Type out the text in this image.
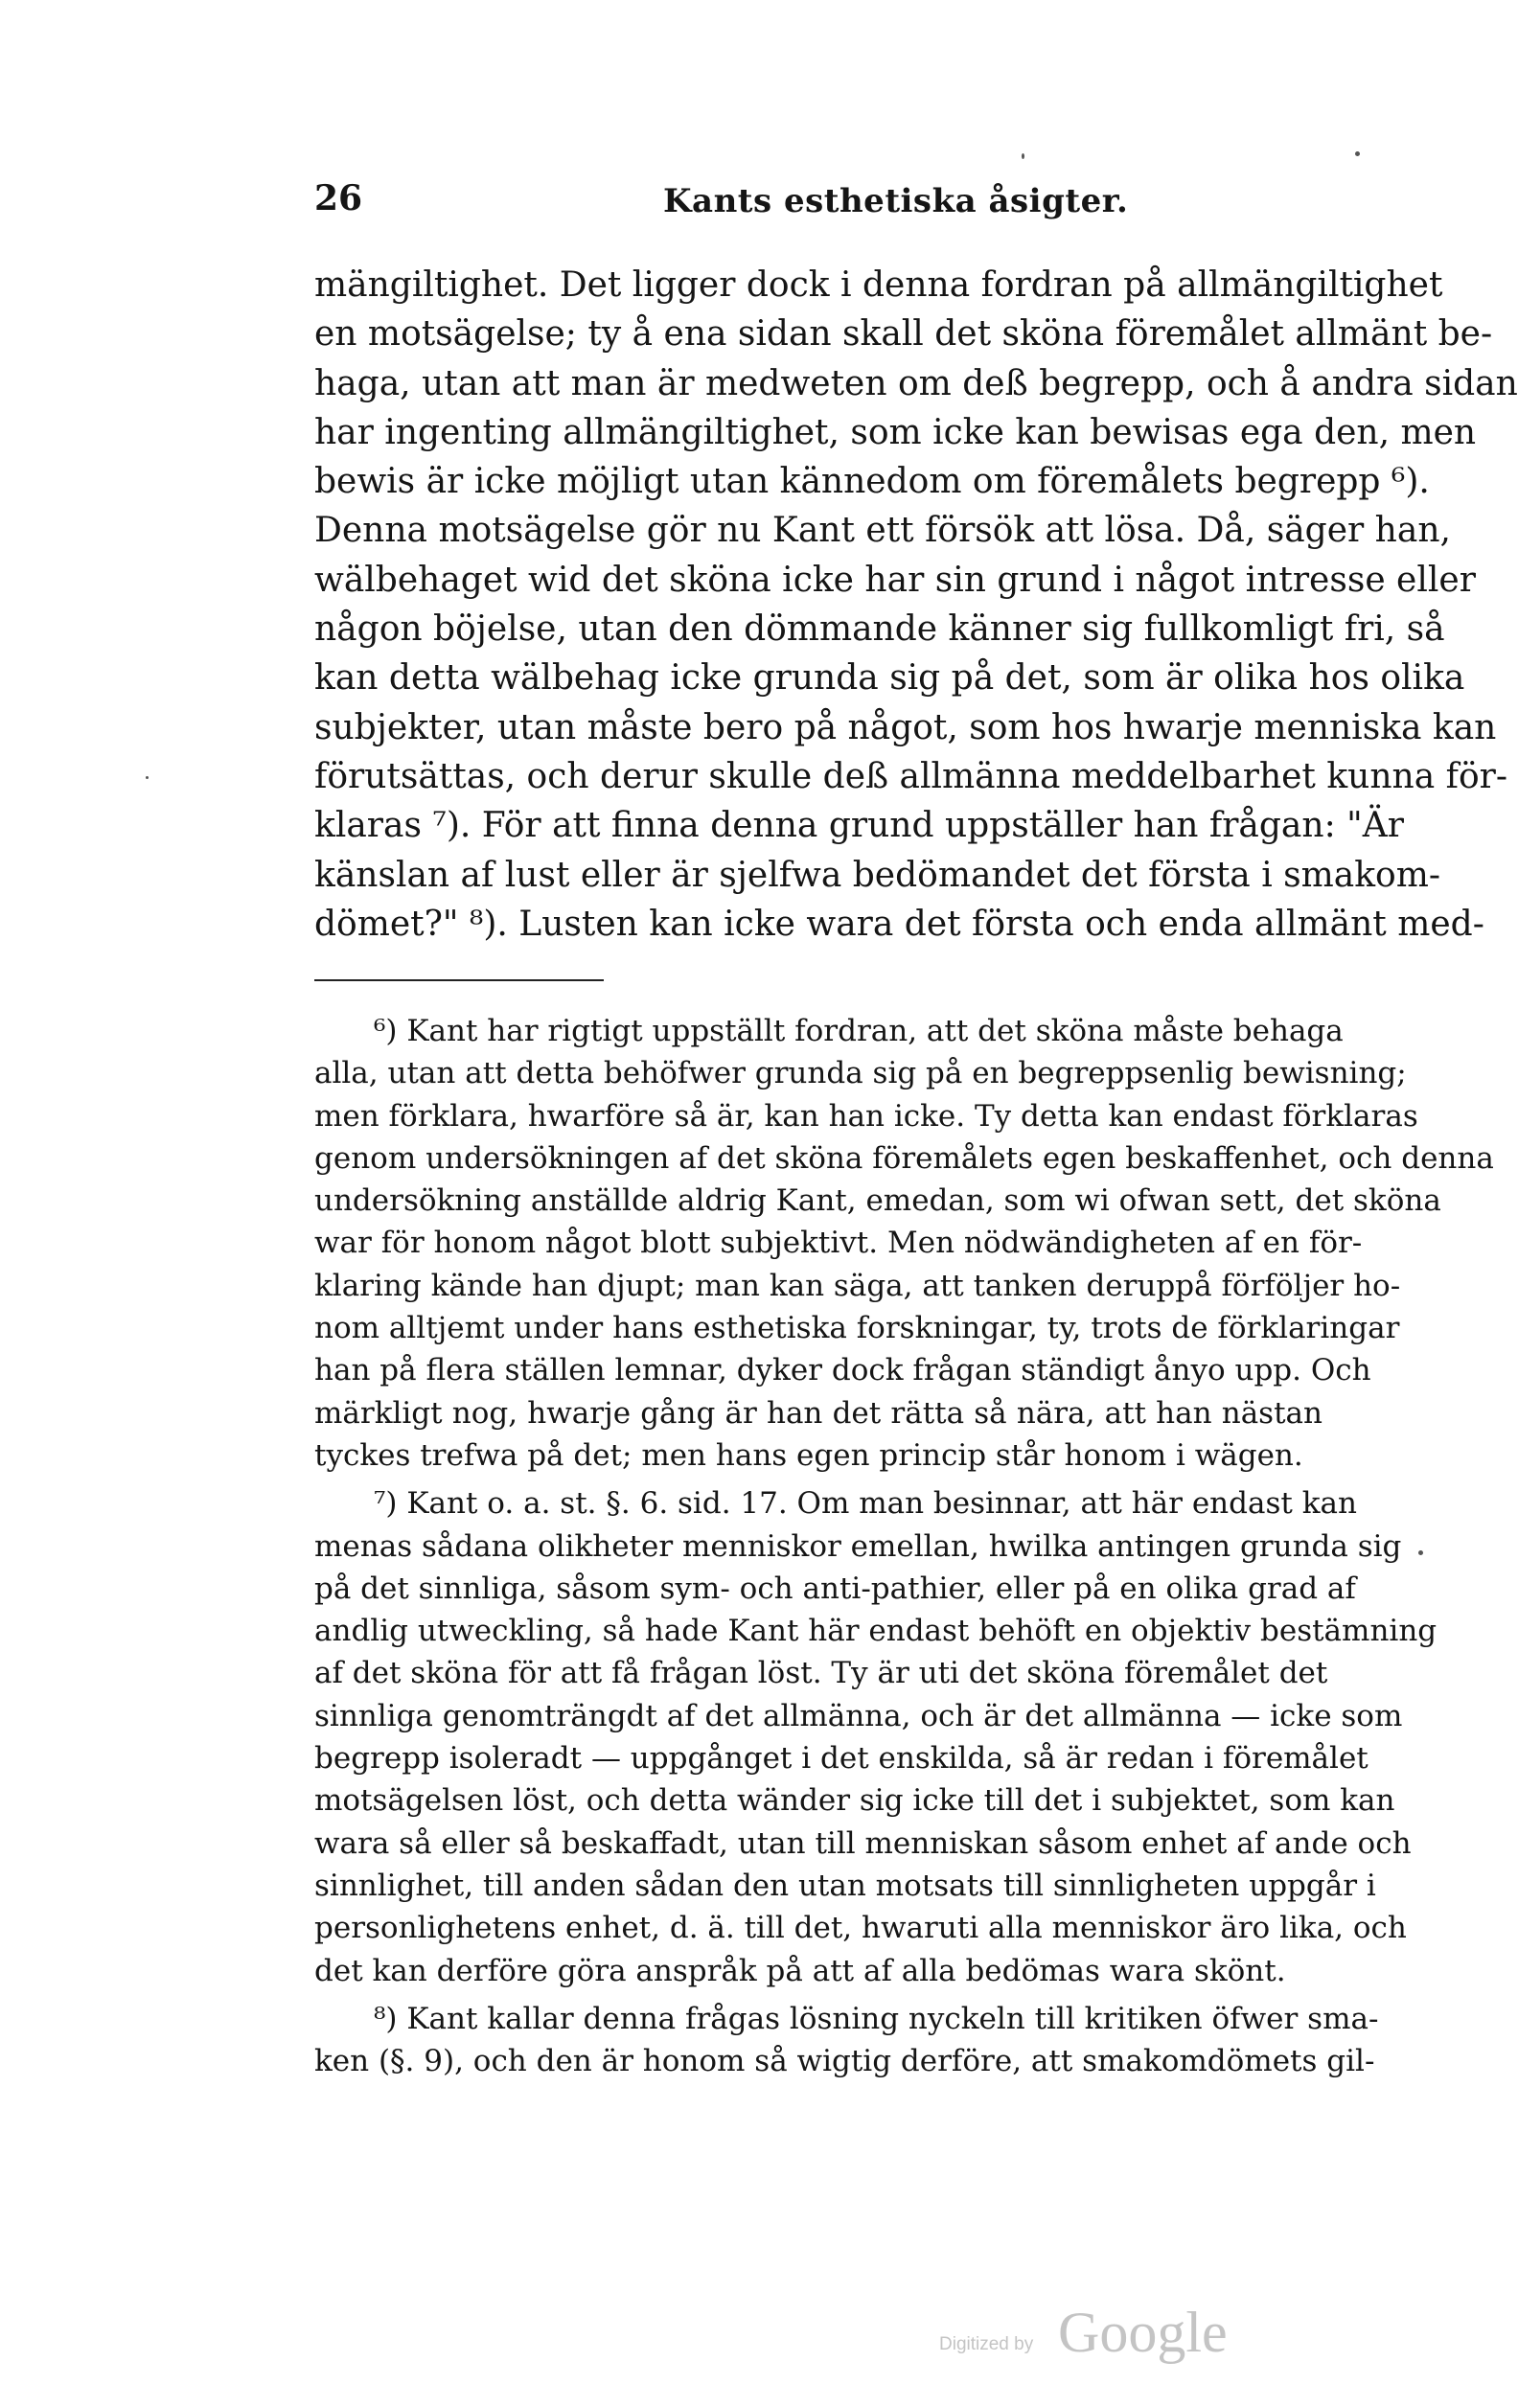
26	Kants esthetiska åsigter.
mängiltighet. Det ligger dock i denna fordran på allmängiltighet
en motsägelse; ty å ena sidan skall det sköna föremålet allmänt be-
haga, utan att man är medweten om deß begrepp, och å andra sidan
har ingenting allmängiltighet, som icke kan bewisas ega den, men
bewis är icke möjligt utan kännedom om föremålets begrepp ⁶).
Denna motsägelse gör nu Kant ett försök att lösa. Då, säger han,
wälbehaget wid det sköna icke har sin grund i något intresse eller
någon böjelse, utan den dömmande känner sig fullkomligt fri, så
kan detta wälbehag icke grunda sig på det, som är olika hos olika
subjekter, utan måste bero på något, som hos hwarje menniska kan
förutsättas, och derur skulle deß allmänna meddelbarhet kunna för-
klaras ⁷). För att finna denna grund uppställer han frågan: "Är
känslan af lust eller är sjelfwa bedömandet det första i smakom-
dömet?" ⁸). Lusten kan icke wara det första och enda allmänt med-
⁶) Kant har rigtigt uppställt fordran, att det sköna måste behaga
alla, utan att detta behöfwer grunda sig på en begreppsenlig bewisning;
men förklara, hwarföre så är, kan han icke. Ty detta kan endast förklaras
genom undersökningen af det sköna föremålets egen beskaffenhet, och denna
undersökning anställde aldrig Kant, emedan, som wi ofwan sett, det sköna
war för honom något blott subjektivt. Men nödwändigheten af en för-
klaring kände han djupt; man kan säga, att tanken deruppå förföljer ho-
nom alltjemt under hans esthetiska forskningar, ty, trots de förklaringar
han på flera ställen lemnar, dyker dock frågan ständigt ånyo upp. Och
märkligt nog, hwarje gång är han det rätta så nära, att han nästan
tyckes trefwa på det; men hans egen princip står honom i wägen.
⁷) Kant o. a. st. §. 6. sid. 17. Om man besinnar, att här endast kan
menas sådana olikheter menniskor emellan, hwilka antingen grunda sig
på det sinnliga, såsom sym- och anti-pathier, eller på en olika grad af
andlig utweckling, så hade Kant här endast behöft en objektiv bestämning
af det sköna för att få frågan löst. Ty är uti det sköna föremålet det
sinnliga genomträngdt af det allmänna, och är det allmänna — icke som
begrepp isoleradt — uppgånget i det enskilda, så är redan i föremålet
motsägelsen löst, och detta wänder sig icke till det i subjektet, som kan
wara så eller så beskaffadt, utan till menniskan såsom enhet af ande och
sinnlighet, till anden sådan den utan motsats till sinnligheten uppgår i
personlighetens enhet, d. ä. till det, hwaruti alla menniskor äro lika, och
det kan derföre göra anspråk på att af alla bedömas wara skönt.
⁸) Kant kallar denna frågas lösning nyckeln till kritiken öfwer sma-
ken (§. 9), och den är honom så wigtig derföre, att smakomdömets gil-
Digitized by Google
